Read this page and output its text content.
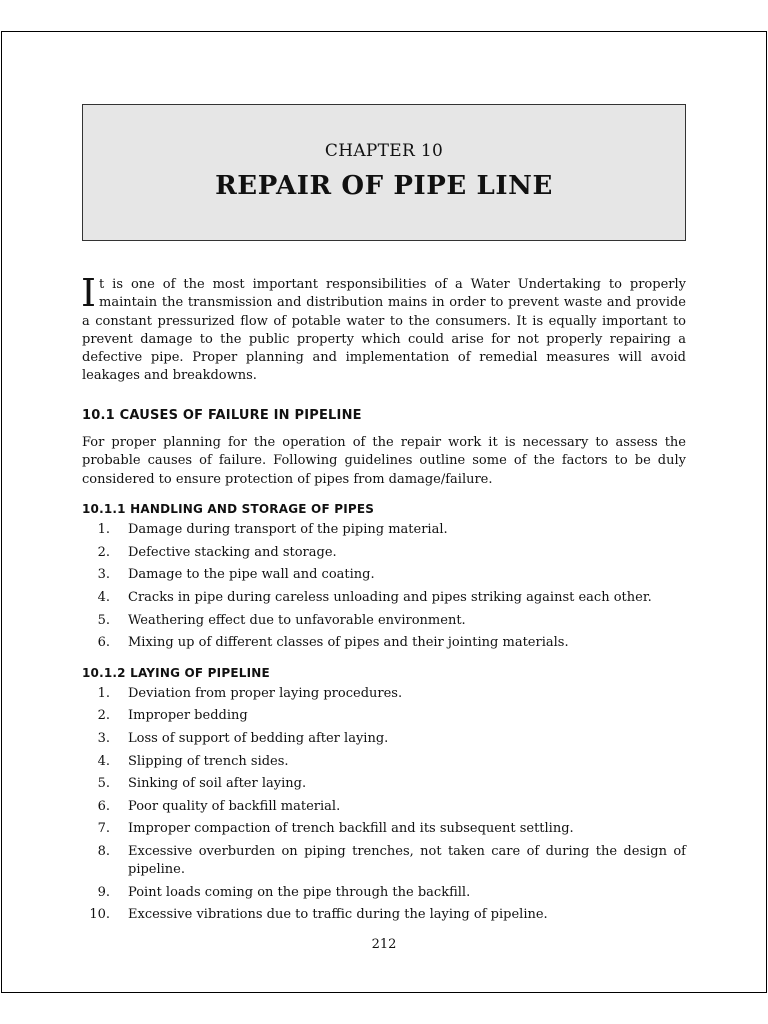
CHAPTER 10
REPAIR OF PIPE LINE

It is one of the most important responsibilities of a Water Undertaking to properly maintain the transmission and distribution mains in order to prevent waste and provide a constant pressurized flow of potable water to the consumers. It is equally important to prevent damage to the public property which could arise for not properly repairing a defective pipe. Proper planning and implementation of remedial measures will avoid leakages and breakdowns.

10.1 CAUSES OF FAILURE IN PIPELINE

For proper planning for the operation of the repair work it is necessary to assess the probable causes of failure. Following guidelines outline some of the factors to be duly considered to ensure protection of pipes from damage/failure.

10.1.1 HANDLING AND STORAGE OF PIPES
1. Damage during transport of the piping material.
2. Defective stacking and storage.
3. Damage to the pipe wall and coating.
4. Cracks in pipe during careless unloading and pipes striking against each other.
5. Weathering effect due to unfavorable environment.
6. Mixing up of different classes of pipes and their jointing materials.
10.1.2 LAYING OF PIPELINE
1. Deviation from proper laying procedures.
2. Improper bedding
3. Loss of support of bedding after laying.
4. Slipping of trench sides.
5. Sinking of soil after laying.
6. Poor quality of backfill material.
7. Improper compaction of trench backfill and its subsequent settling.
8. Excessive overburden on piping trenches, not taken care of during the design of pipeline.
9. Point loads coming on the pipe through the backfill.
10. Excessive vibrations due to traffic during the laying of pipeline.
212
